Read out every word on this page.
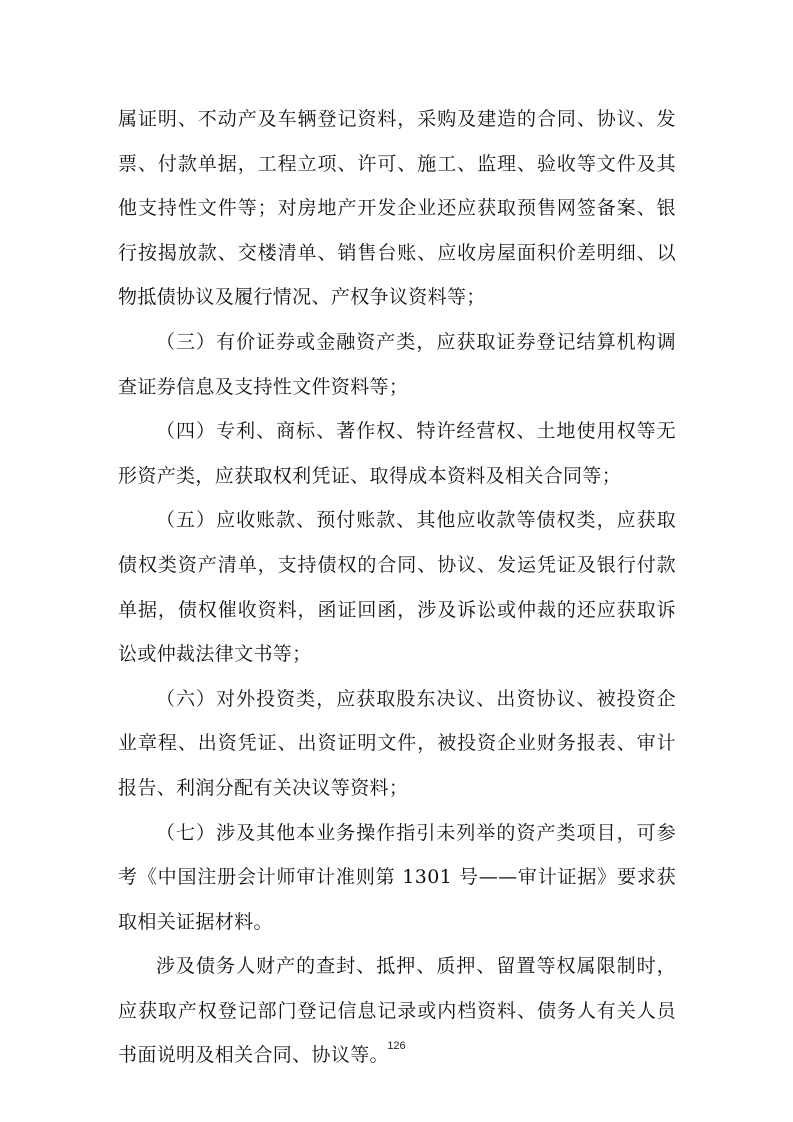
属证明、不动产及车辆登记资料，采购及建造的合同、协议、发票、付款单据，工程立项、许可、施工、监理、验收等文件及其他支持性文件等；对房地产开发企业还应获取预售网签备案、银行按揭放款、交楼清单、销售台账、应收房屋面积价差明细、以物抵债协议及履行情况、产权争议资料等；

（三）有价证券或金融资产类，应获取证券登记结算机构调查证券信息及支持性文件资料等；

（四）专利、商标、著作权、特许经营权、土地使用权等无形资产类，应获取权利凭证、取得成本资料及相关合同等；

（五）应收账款、预付账款、其他应收款等债权类，应获取债权类资产清单，支持债权的合同、协议、发运凭证及银行付款单据，债权催收资料，函证回函，涉及诉讼或仲裁的还应获取诉讼或仲裁法律文书等；

（六）对外投资类，应获取股东决议、出资协议、被投资企业章程、出资凭证、出资证明文件，被投资企业财务报表、审计报告、利润分配有关决议等资料；

（七）涉及其他本业务操作指引未列举的资产类项目，可参考《中国注册会计师审计准则第 1301 号——审计证据》要求获取相关证据材料。

涉及债务人财产的查封、抵押、质押、留置等权属限制时，应获取产权登记部门登记信息记录或内档资料、债务人有关人员书面说明及相关合同、协议等。

126
